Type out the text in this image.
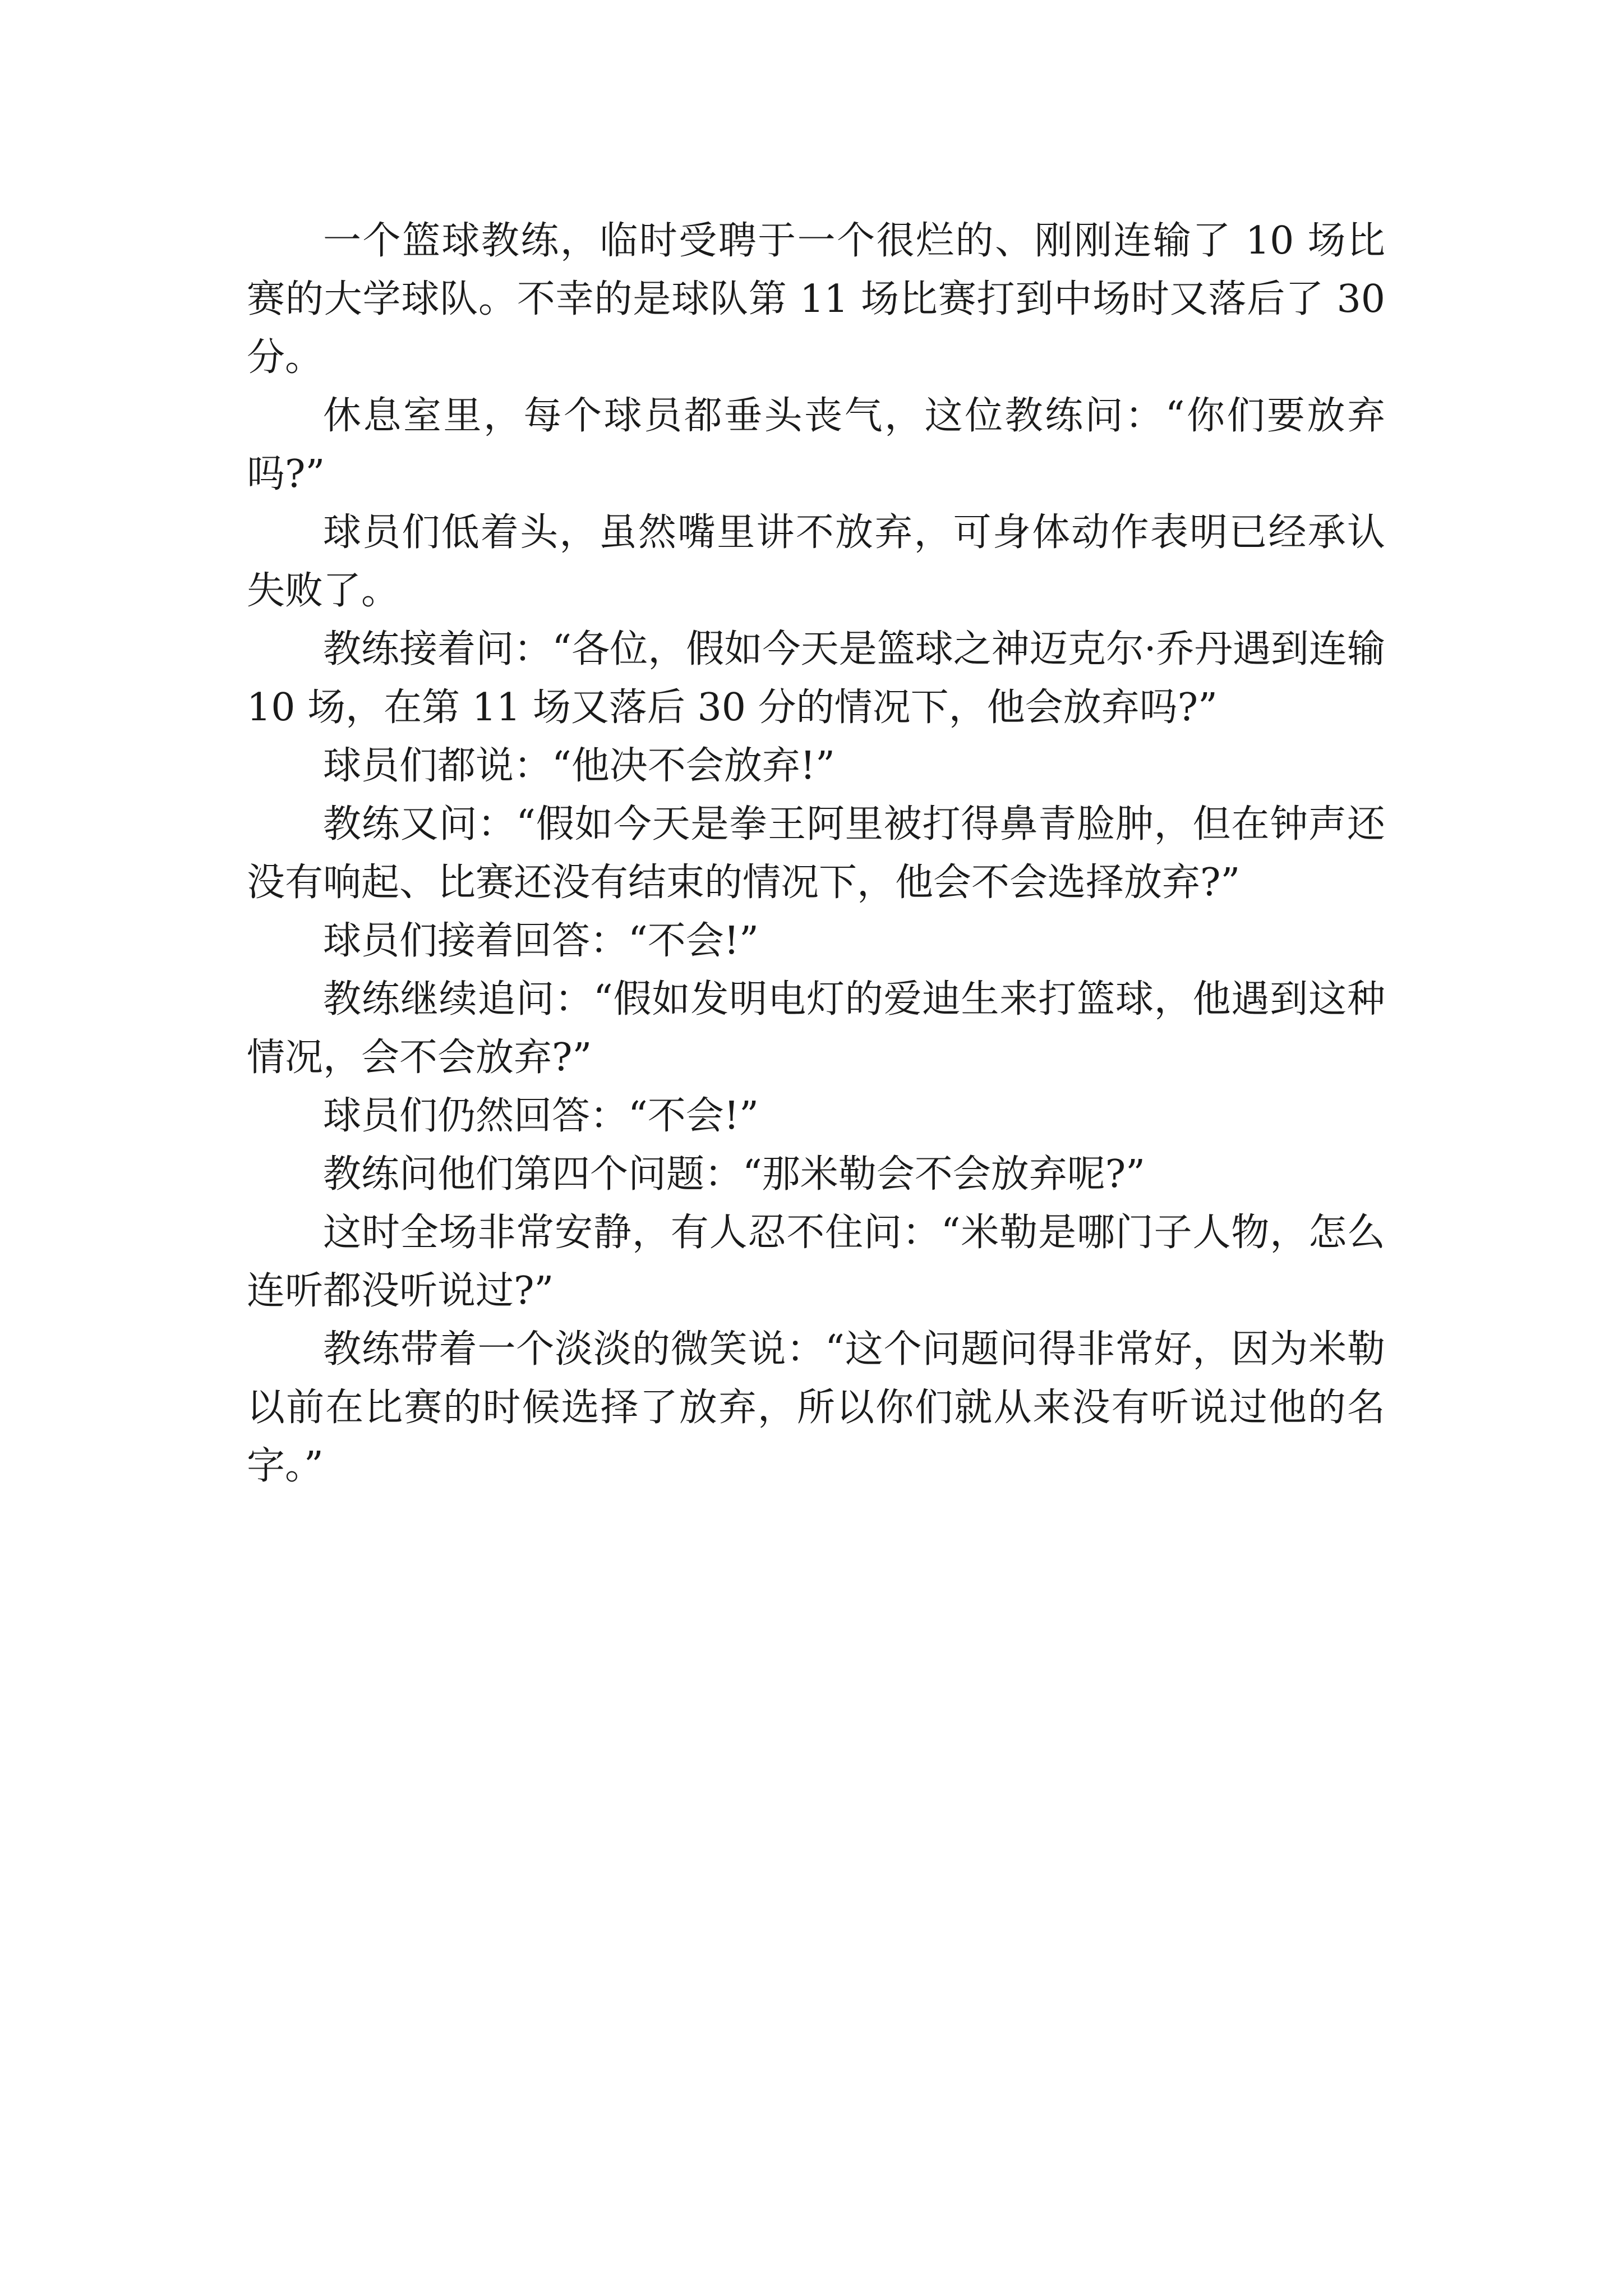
一个篮球教练，临时受聘于一个很烂的、刚刚连输了 10 场比赛的大学球队。不幸的是球队第 11 场比赛打到中场时又落后了 30 分。

休息室里，每个球员都垂头丧气，这位教练问：“你们要放弃吗?”

球员们低着头，虽然嘴里讲不放弃，可身体动作表明已经承认失败了。

教练接着问：“各位，假如今天是篮球之神迈克尔·乔丹遇到连输 10 场，在第 11 场又落后 30 分的情况下，他会放弃吗?”

球员们都说：“他决不会放弃!”

教练又问：“假如今天是拳王阿里被打得鼻青脸肿，但在钟声还没有响起、比赛还没有结束的情况下，他会不会选择放弃?”

球员们接着回答：“不会!”

教练继续追问：“假如发明电灯的爱迪生来打篮球，他遇到这种情况，会不会放弃?”

球员们仍然回答：“不会!”

教练问他们第四个问题：“那米勒会不会放弃呢?”

这时全场非常安静，有人忍不住问：“米勒是哪门子人物，怎么连听都没听说过?”

教练带着一个淡淡的微笑说：“这个问题问得非常好，因为米勒以前在比赛的时候选择了放弃，所以你们就从来没有听说过他的名字。”
